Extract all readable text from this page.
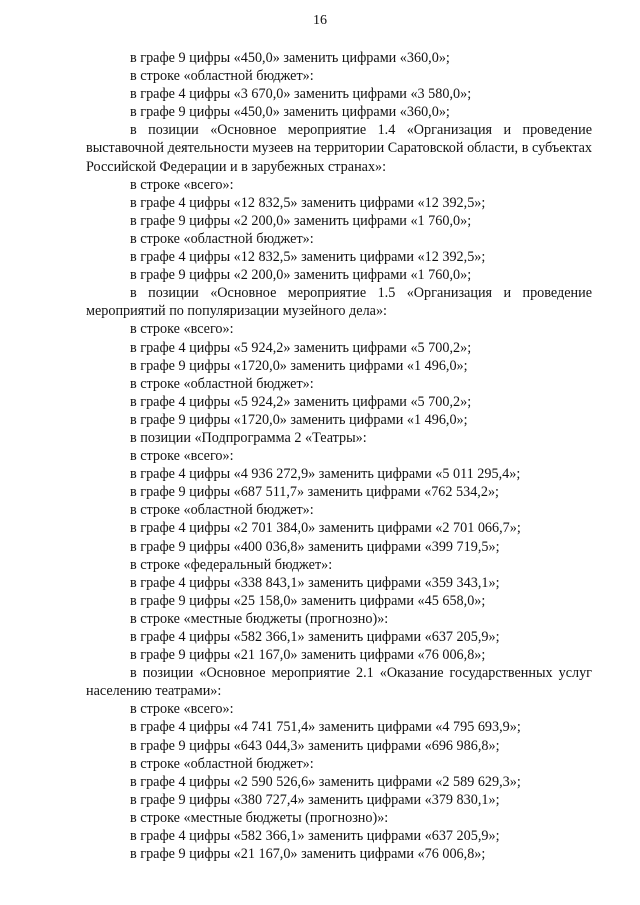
16
в графе 9 цифры «450,0» заменить цифрами «360,0»;
в строке «областной бюджет»:
в графе 4 цифры «3 670,0» заменить цифрами «3 580,0»;
в графе 9 цифры «450,0» заменить цифрами «360,0»;
в позиции «Основное мероприятие 1.4 «Организация и проведение выставочной деятельности музеев на территории Саратовской области, в субъектах Российской Федерации и в зарубежных странах»:
в строке «всего»:
в графе 4 цифры «12 832,5» заменить цифрами «12 392,5»;
в графе 9 цифры «2 200,0» заменить цифрами «1 760,0»;
в строке «областной бюджет»:
в графе 4 цифры «12 832,5» заменить цифрами «12 392,5»;
в графе 9 цифры «2 200,0» заменить цифрами «1 760,0»;
в позиции «Основное мероприятие 1.5 «Организация и проведение мероприятий по популяризации музейного дела»:
в строке «всего»:
в графе 4 цифры «5 924,2» заменить цифрами «5 700,2»;
в графе 9 цифры «1720,0» заменить цифрами «1 496,0»;
в строке «областной бюджет»:
в графе 4 цифры «5 924,2» заменить цифрами «5 700,2»;
в графе 9 цифры «1720,0» заменить цифрами «1 496,0»;
в позиции «Подпрограмма 2 «Театры»:
в строке «всего»:
в графе 4 цифры «4 936 272,9» заменить цифрами «5 011 295,4»;
в графе 9 цифры «687 511,7» заменить цифрами «762 534,2»;
в строке «областной бюджет»:
в графе 4 цифры «2 701 384,0» заменить цифрами «2 701 066,7»;
в графе 9 цифры «400 036,8» заменить цифрами «399 719,5»;
в строке «федеральный бюджет»:
в графе 4 цифры «338 843,1» заменить цифрами «359 343,1»;
в графе 9 цифры «25 158,0» заменить цифрами «45 658,0»;
в строке «местные бюджеты (прогнозно)»:
в графе 4 цифры «582 366,1» заменить цифрами «637 205,9»;
в графе 9 цифры «21 167,0» заменить цифрами «76 006,8»;
в позиции «Основное мероприятие 2.1 «Оказание государственных услуг населению театрами»:
в строке «всего»:
в графе 4 цифры «4 741 751,4» заменить цифрами «4 795 693,9»;
в графе 9 цифры «643 044,3» заменить цифрами «696 986,8»;
в строке «областной бюджет»:
в графе 4 цифры «2 590 526,6» заменить цифрами «2 589 629,3»;
в графе 9 цифры «380 727,4» заменить цифрами «379 830,1»;
в строке «местные бюджеты (прогнозно)»:
в графе 4 цифры «582 366,1» заменить цифрами «637 205,9»;
в графе 9 цифры «21 167,0» заменить цифрами «76 006,8»;
